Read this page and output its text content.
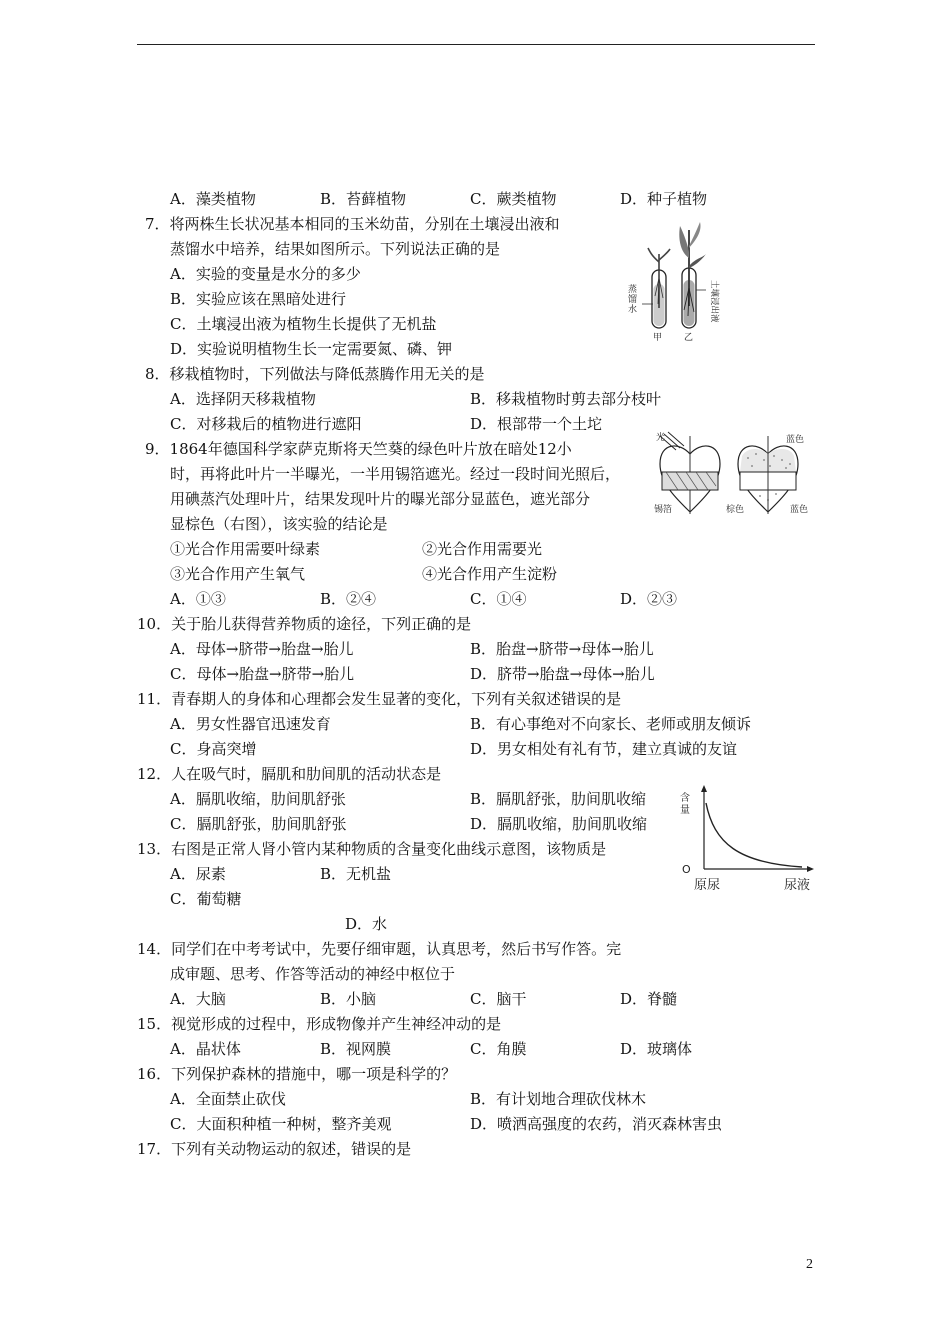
A．藻类植物	B．苔藓植物	C．蕨类植物	D．种子植物
7．将两株生长状况基本相同的玉米幼苗，分别在土壤浸出液和
蒸馏水中培养，结果如图所示。下列说法正确的是
A．实验的变量是水分的多少
B．实验应该在黑暗处进行
C．土壤浸出液为植物生长提供了无机盐
D．实验说明植物生长一定需要氮、磷、钾
蒸
馏
水
甲 乙
土壤浸出液
8．移栽植物时，下列做法与降低蒸腾作用无关的是
A．选择阴天移栽植物	B．移栽植物时剪去部分枝叶
C．对移栽后的植物进行遮阳	D．根部带一个土坨
9．1864年德国科学家萨克斯将天竺葵的绿色叶片放在暗处12小
时，再将此叶片一半曝光，一半用锡箔遮光。经过一段时间光照后，
用碘蒸汽处理叶片，结果发现叶片的曝光部分显蓝色，遮光部分
显棕色（右图），该实验的结论是
①光合作用需要叶绿素	②光合作用需要光
③光合作用产生氧气	④光合作用产生淀粉
A．①③	B．②④	C．①④	D．②③
光
锡箔
蓝色
棕色	蓝色
10．关于胎儿获得营养物质的途径，下列正确的是
A．母体→脐带→胎盘→胎儿	B．胎盘→脐带→母体→胎儿
C．母体→胎盘→脐带→胎儿	D．脐带→胎盘→母体→胎儿
11．青春期人的身体和心理都会发生显著的变化，下列有关叙述错误的是
A．男女性器官迅速发育	B．有心事绝对不向家长、老师或朋友倾诉
C．身高突增	D．男女相处有礼有节，建立真诚的友谊
12．人在吸气时，膈肌和肋间肌的活动状态是
A．膈肌收缩，肋间肌舒张	B．膈肌舒张，肋间肌收缩
C．膈肌舒张，肋间肌舒张	D．膈肌收缩，肋间肌收缩
含
量
O
原尿	尿液
13．右图是正常人肾小管内某种物质的含量变化曲线示意图，该物质是
A．尿素	B．无机盐
C．葡萄糖
D．水
14．同学们在中考考试中，先要仔细审题，认真思考，然后书写作答。完
成审题、思考、作答等活动的神经中枢位于
A．大脑	B．小脑	C．脑干	D．脊髓
15．视觉形成的过程中，形成物像并产生神经冲动的是
A．晶状体	B．视网膜	C．角膜	D．玻璃体
16．下列保护森林的措施中，哪一项是科学的？
A．全面禁止砍伐	B．有计划地合理砍伐林木
C．大面积种植一种树，整齐美观	D．喷洒高强度的农药，消灭森林害虫
17．下列有关动物运动的叙述，错误的是
2
